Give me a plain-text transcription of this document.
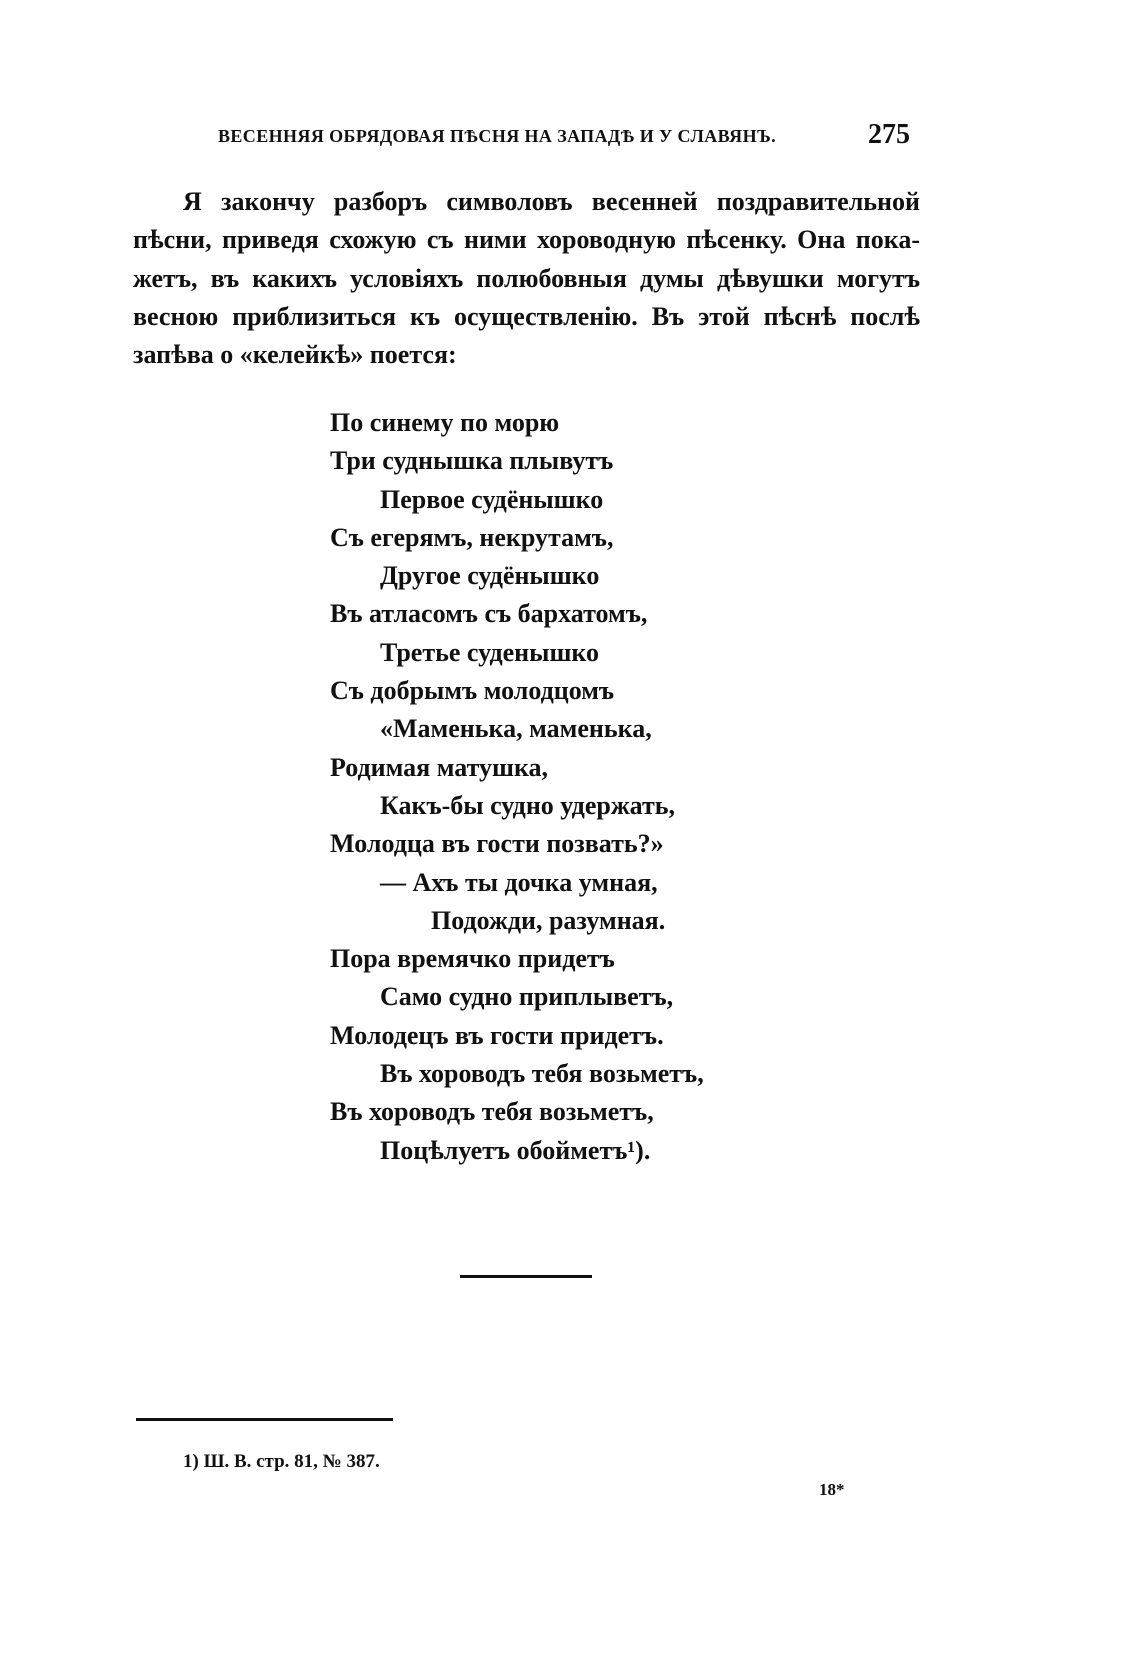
ВЕСЕННЯЯ ОБРЯДОВАЯ ПѢСНЯ НА ЗАПАДѢ И У СЛАВЯНЪ.	275
Я закончу разборъ символовъ весенней поздравительной
пѣсни, приведя схожую съ ними хороводную пѣсенку. Она пока-
жетъ, въ какихъ условіяхъ полюбовныя думы дѣвушки могутъ
весною приблизиться къ осуществленію. Въ этой пѣснѣ послѣ
запѣва о «келейкѣ» поется:
По синему по морю
Три суднышка плывутъ
Первое судёнышко
Съ егерямъ, некрутамъ,
Другое судёнышко
Въ атласомъ съ бархатомъ,
Третье суденышко
Съ добрымъ молодцомъ
«Маменька, маменька,
Родимая матушка,
Какъ-бы судно удержать,
Молодца въ гости позвать?»
— Ахъ ты дочка умная,
Подожди, разумная.
Пора времячко придетъ
Само судно приплыветъ,
Молодецъ въ гости придетъ.
Въ хороводъ тебя возьметъ,
Въ хороводъ тебя возьметъ,
Поцѣлуетъ обойметъ¹).
1) Ш. В. стр. 81, № 387.
18*
